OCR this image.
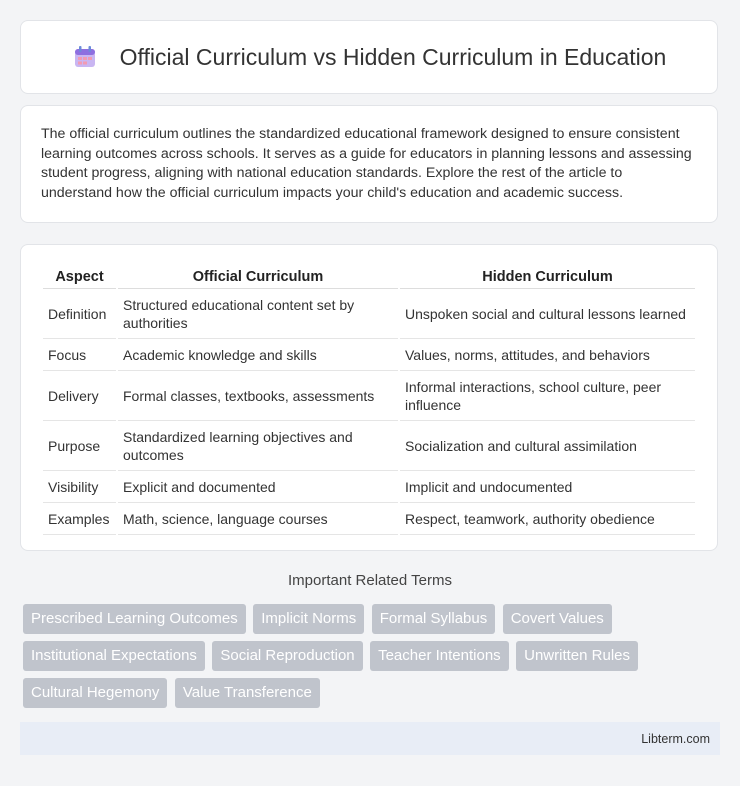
Official Curriculum vs Hidden Curriculum in Education

The official curriculum outlines the standardized educational framework designed to ensure consistent learning outcomes across schools. It serves as a guide for educators in planning lessons and assessing student progress, aligning with national education standards. Explore the rest of the article to understand how the official curriculum impacts your child's education and academic success.

Aspect	Official Curriculum	Hidden Curriculum
Definition	Structured educational content set by authorities	Unspoken social and cultural lessons learned
Focus	Academic knowledge and skills	Values, norms, attitudes, and behaviors
Delivery	Formal classes, textbooks, assessments	Informal interactions, school culture, peer influence
Purpose	Standardized learning objectives and outcomes	Socialization and cultural assimilation
Visibility	Explicit and documented	Implicit and undocumented
Examples	Math, science, language courses	Respect, teamwork, authority obedience
Important Related Terms
Prescribed Learning Outcomes Implicit Norms Formal Syllabus Covert Values
Institutional Expectations Social Reproduction Teacher Intentions Unwritten Rules
Cultural Hegemony Value Transference
Libterm.com
